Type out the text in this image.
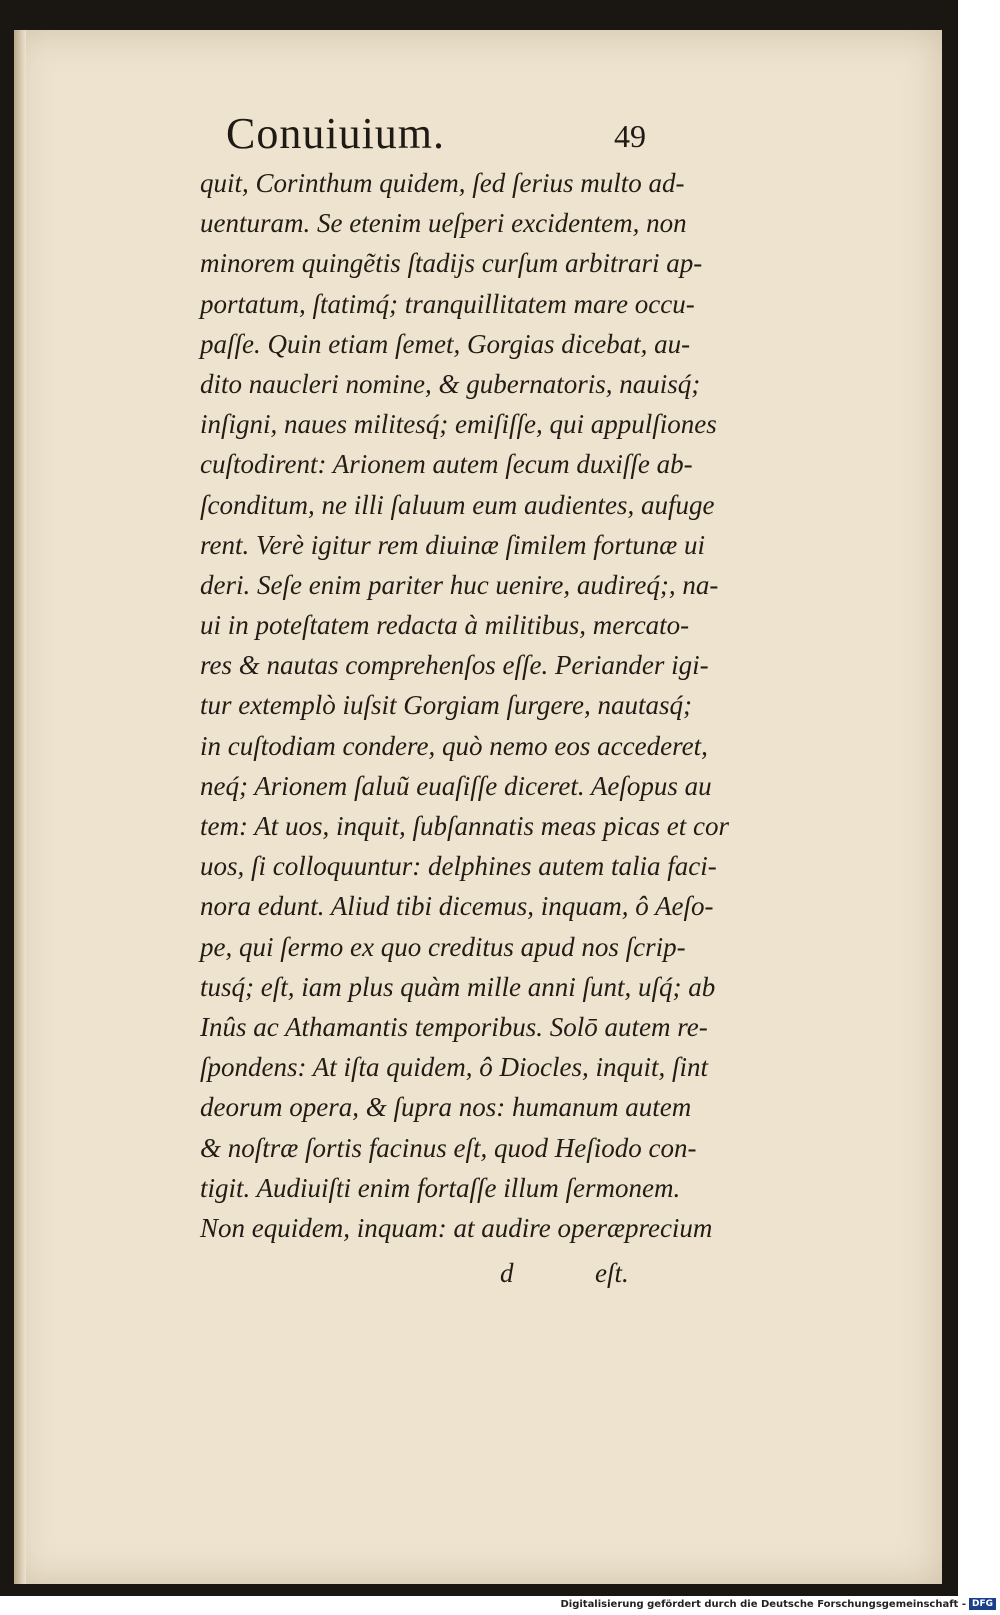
Conuiuium.	49
quit, Corinthum quidem, ſed ſerius multo ad-
uenturam. Se etenim ueſperi excidentem, non
minorem quingẽtis ſtadijs curſum arbitrari ap-
portatum, ſtatimq́; tranquillitatem mare occu-
paſſe. Quin etiam ſemet, Gorgias dicebat, au-
dito naucleri nomine, & gubernatoris, nauisq́;
inſigni, naues militesq́; emiſiſſe, qui appulſiones
cuſtodirent: Arionem autem ſecum duxiſſe ab-
ſconditum, ne illi ſaluum eum audientes, aufuge
rent. Verè igitur rem diuinæ ſimilem fortunæ ui
deri. Seſe enim pariter huc uenire, audireq́;, na-
ui in poteſtatem redacta à militibus, mercato-
res & nautas comprehenſos eſſe. Periander igi-
tur extemplò iuſsit Gorgiam ſurgere, nautasq́;
in cuſtodiam condere, quò nemo eos accederet,
neq́; Arionem ſaluũ euaſiſſe diceret. Aeſopus au
tem: At uos, inquit, ſubſannatis meas picas et cor
uos, ſi colloquuntur: delphines autem talia faci-
nora edunt. Aliud tibi dicemus, inquam, ô Aeſo-
pe, qui ſermo ex quo creditus apud nos ſcrip-
tusq́; eſt, iam plus quàm mille anni ſunt, uſq́; ab
Inûs ac Athamantis temporibus. Solō autem re-
ſpondens: At iſta quidem, ô Diocles, inquit, ſint
deorum opera, & ſupra nos: humanum autem
& noſtræ ſortis facinus eſt, quod Heſiodo con-
tigit. Audiuiſti enim fortaſſe illum ſermonem.
Non equidem, inquam: at audire operæprecium
d	eſt.
Digitalisierung gefördert durch die Deutsche Forschungsgemeinschaft - DFG
